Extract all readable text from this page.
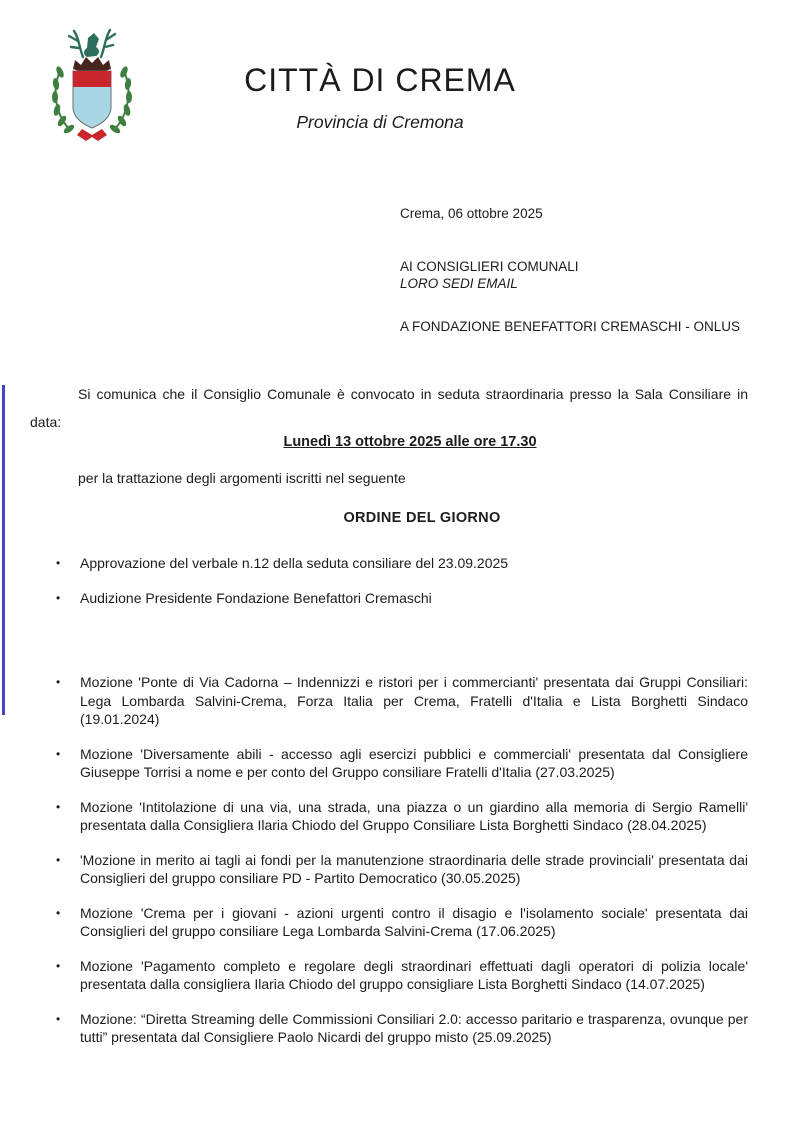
CITTÀ DI CREMA
Provincia di Cremona
Crema, 06 ottobre 2025
AI CONSIGLIERI COMUNALI
LORO SEDI EMAIL
A FONDAZIONE BENEFATTORI CREMASCHI - ONLUS

Si comunica che il Consiglio Comunale è convocato in seduta straordinaria presso la Sala Consiliare in data:

Lunedì 13 ottobre 2025 alle ore 17.30
per la trattazione degli argomenti iscritti nel seguente
ORDINE DEL GIORNO
•	Approvazione del verbale n.12 della seduta consiliare del 23.09.2025
•	Audizione Presidente Fondazione Benefattori Cremaschi
•	Mozione 'Ponte di Via Cadorna – Indennizzi e ristori per i commercianti' presentata dai Gruppi Consiliari: Lega Lombarda Salvini-Crema, Forza Italia per Crema, Fratelli d'Italia e Lista Borghetti Sindaco (19.01.2024)
•	Mozione 'Diversamente abili - accesso agli esercizi pubblici e commerciali' presentata dal Consigliere Giuseppe Torrisi a nome e per conto del Gruppo consiliare Fratelli d'Italia (27.03.2025)
•	Mozione 'Intitolazione di una via, una strada, una piazza o un giardino alla memoria di Sergio Ramelli' presentata dalla Consigliera Ilaria Chiodo del Gruppo Consiliare Lista Borghetti Sindaco (28.04.2025)
•	'Mozione in merito ai tagli ai fondi per la manutenzione straordinaria delle strade provinciali' presentata dai Consiglieri del gruppo consiliare PD - Partito Democratico (30.05.2025)
•	Mozione 'Crema per i giovani - azioni urgenti contro il disagio e l'isolamento sociale' presentata dai Consiglieri del gruppo consiliare Lega Lombarda Salvini-Crema (17.06.2025)
•	Mozione 'Pagamento completo e regolare degli straordinari effettuati dagli operatori di polizia locale' presentata dalla consigliera Ilaria Chiodo del gruppo consigliare Lista Borghetti Sindaco (14.07.2025)
•	Mozione: “Diretta Streaming delle Commissioni Consiliari 2.0: accesso paritario e trasparenza, ovunque per tutti” presentata dal Consigliere Paolo Nicardi del gruppo misto (25.09.2025)
